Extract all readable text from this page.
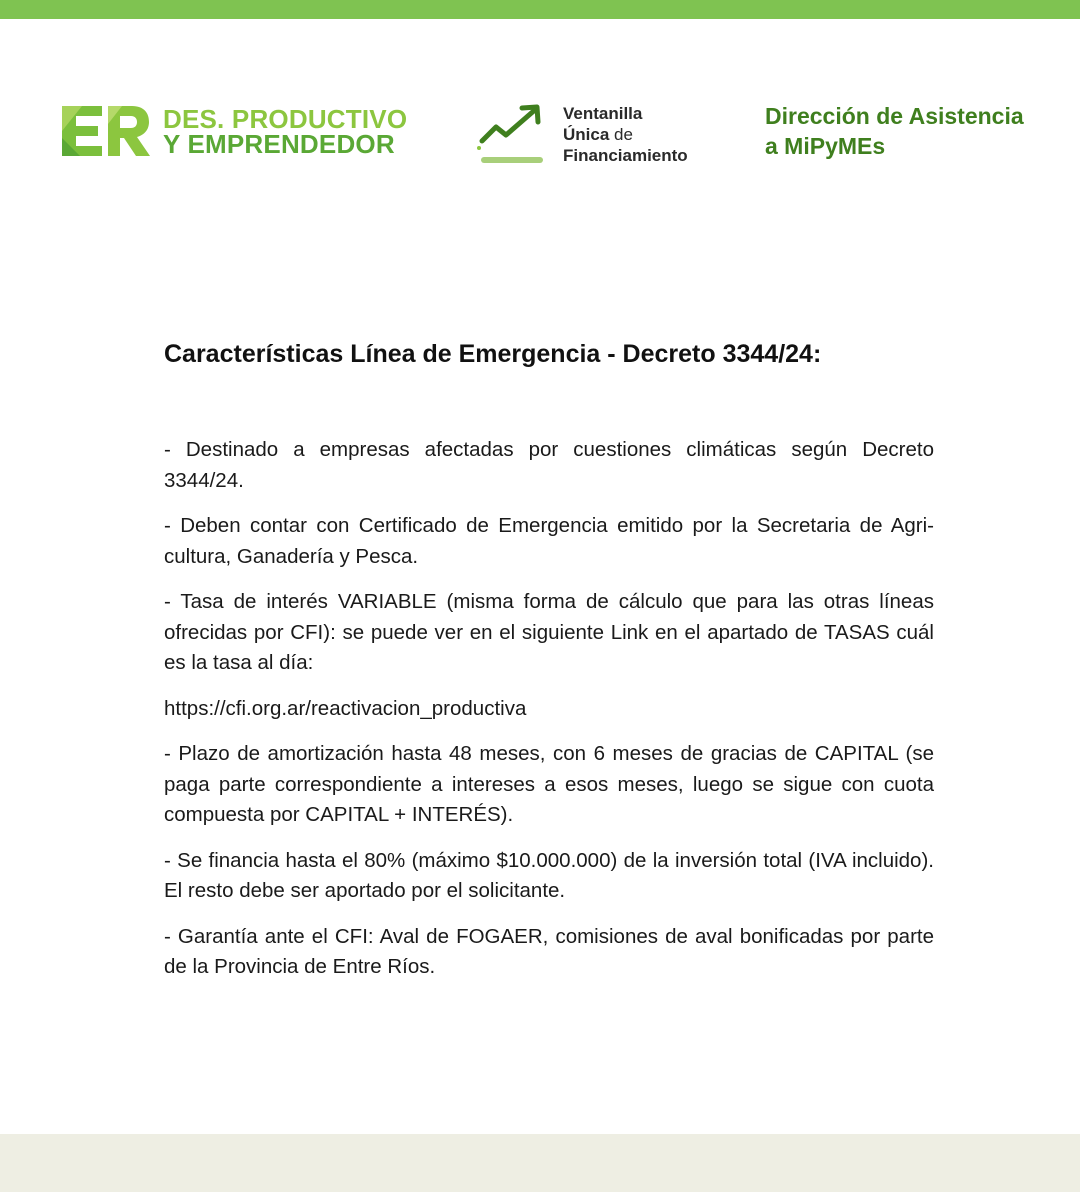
DES. PRODUCTIVO
Y EMPRENDEDOR
Ventanilla
Única de
Financiamiento
Dirección de Asistencia
a MiPyMEs
Características Línea de Emergencia - Decreto 3344/24:

- Destinado a empresas afectadas por cuestiones climáticas según Decreto 3344/24.

- Deben contar con Certificado de Emergencia emitido por la Secretaria de Agri-cultura, Ganadería y Pesca.

- Tasa de interés VARIABLE (misma forma de cálculo que para las otras líneas ofrecidas por CFI): se puede ver en el siguiente Link en el apartado de TASAS cuál es la tasa al día:

https://cfi.org.ar/reactivacion_productiva

- Plazo de amortización hasta 48 meses, con 6 meses de gracias de CAPITAL (se paga parte correspondiente a intereses a esos meses, luego se sigue con cuota compuesta por CAPITAL + INTERÉS).

- Se financia hasta el 80% (máximo $10.000.000) de la inversión total (IVA incluido). El resto debe ser aportado por el solicitante.

- Garantía ante el CFI: Aval de FOGAER, comisiones de aval bonificadas por parte de la Provincia de Entre Ríos.
